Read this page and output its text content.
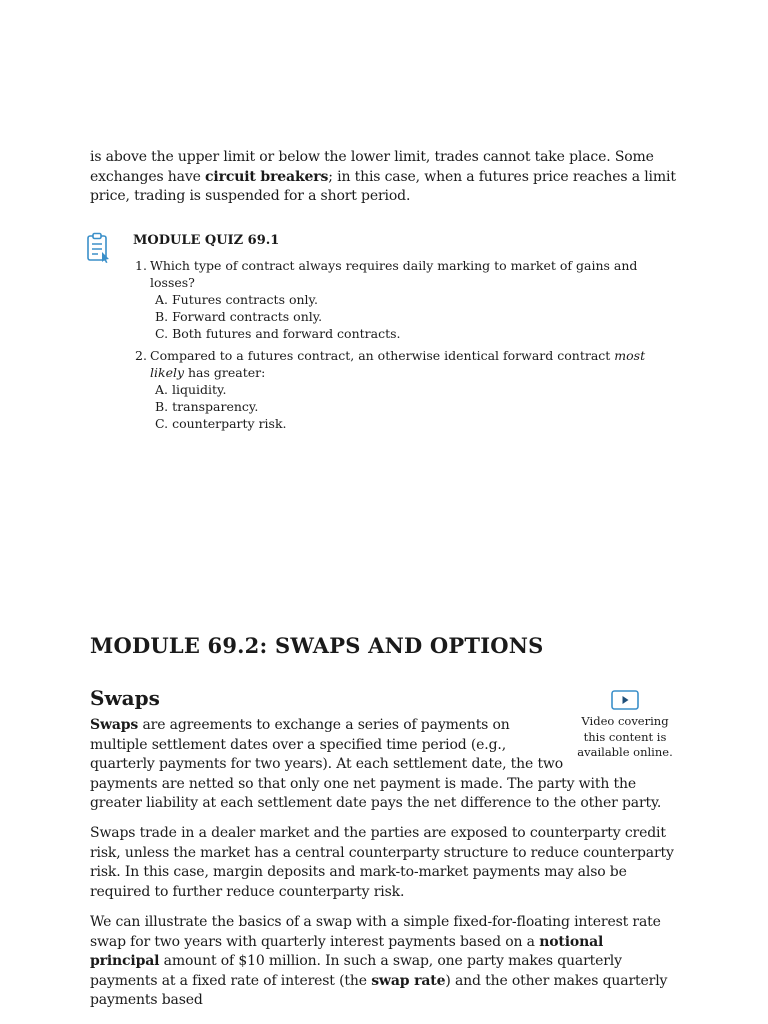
is above the upper limit or below the lower limit, trades cannot take place. Some exchanges have circuit breakers; in this case, when a futures price reaches a limit price, trading is suspended for a short period.

MODULE QUIZ 69.1
1. Which type of contract always requires daily marking to market of gains and losses?
A. Futures contracts only.
B. Forward contracts only.
C. Both futures and forward contracts.
2. Compared to a futures contract, an otherwise identical forward contract most likely has greater:
A. liquidity.
B. transparency.
C. counterparty risk.
MODULE 69.2: SWAPS AND OPTIONS
Swaps
Video covering this content is available online.
Swaps are agreements to exchange a series of payments on multiple settlement dates over a specified time period (e.g., quarterly payments for two years). At each settlement date, the two payments are netted so that only one net payment is made. The party with the greater liability at each settlement date pays the net difference to the other party.

Swaps trade in a dealer market and the parties are exposed to counterparty credit risk, unless the market has a central counterparty structure to reduce counterparty risk. In this case, margin deposits and mark-to-market payments may also be required to further reduce counterparty risk.

We can illustrate the basics of a swap with a simple fixed-for-floating interest rate swap for two years with quarterly interest payments based on a notional principal amount of $10 million. In such a swap, one party makes quarterly payments at a fixed rate of interest (the swap rate) and the other makes quarterly payments based
